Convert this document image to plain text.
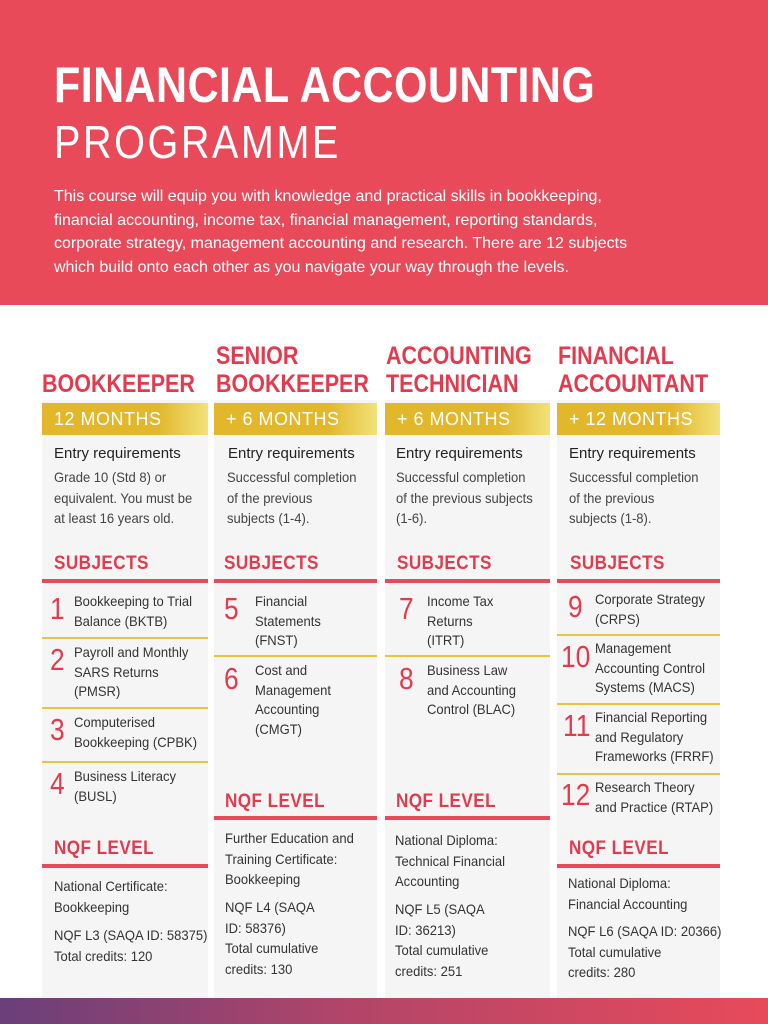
FINANCIAL ACCOUNTING
PROGRAMME
This course will equip you with knowledge and practical skills in bookkeeping,
financial accounting, income tax, financial management, reporting standards,
corporate strategy, management accounting and research. There are 12 subjects
which build onto each other as you navigate your way through the levels.
BOOKKEEPER
12 MONTHS
Entry requirements
Grade 10 (Std 8) or
equivalent. You must be
at least 16 years old.
SUBJECTS
1 Bookkeeping to Trial
Balance (BKTB)
2 Payroll and Monthly
SARS Returns
(PMSR)
3 Computerised
Bookkeeping (CPBK)
4 Business Literacy
(BUSL)
NQF LEVEL
National Certificate:
Bookkeeping
NQF L3 (SAQA ID: 58375)
Total credits: 120
SENIOR
BOOKKEEPER
+ 6 MONTHS
Entry requirements
Successful completion
of the previous
subjects (1-4).
SUBJECTS
5 Financial
Statements
(FNST)
6 Cost and
Management
Accounting
(CMGT)
NQF LEVEL
Further Education and
Training Certificate:
Bookkeeping
NQF L4 (SAQA
ID: 58376)
Total cumulative
credits: 130
ACCOUNTING
TECHNICIAN
+ 6 MONTHS
Entry requirements
Successful completion
of the previous subjects
(1-6).
SUBJECTS
7 Income Tax
Returns
(ITRT)
8 Business Law
and Accounting
Control (BLAC)
NQF LEVEL
National Diploma:
Technical Financial
Accounting
NQF L5 (SAQA
ID: 36213)
Total cumulative
credits: 251
FINANCIAL
ACCOUNTANT
+ 12 MONTHS
Entry requirements
Successful completion
of the previous
subjects (1-8).
SUBJECTS
9 Corporate Strategy
(CRPS)
10 Management
Accounting Control
Systems (MACS)
11 Financial Reporting
and Regulatory
Frameworks (FRRF)
12 Research Theory
and Practice (RTAP)
NQF LEVEL
National Diploma:
Financial Accounting
NQF L6 (SAQA ID: 20366)
Total cumulative
credits: 280
